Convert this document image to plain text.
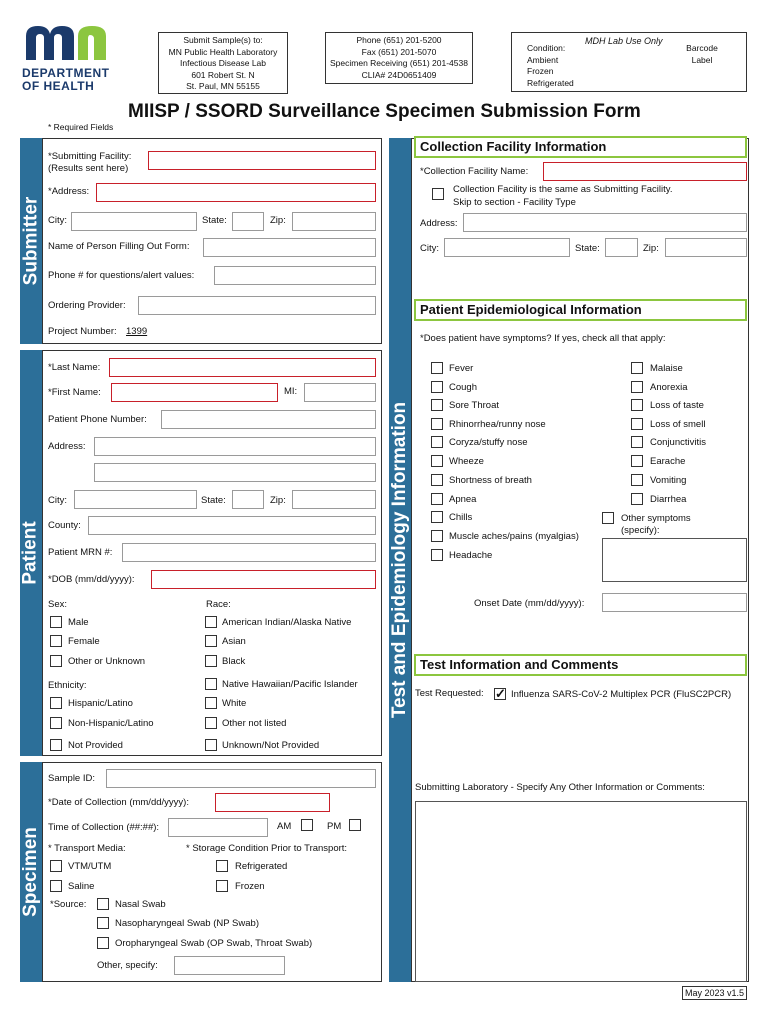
DEPARTMENT
OF HEALTH
Submit Sample(s) to:
MN Public Health Laboratory
Infectious Disease Lab
601 Robert St. N
St. Paul, MN 55155
Phone (651) 201-5200
Fax (651) 201-5070
Specimen Receiving (651) 201-4538
CLIA# 24D0651409
MDH Lab Use Only
Condition:
Ambient
Frozen
Refrigerated
Barcode
Label
MIISP / SSORD Surveillance Specimen Submission Form
* Required Fields
Submitter
*Submitting Facility:
(Results sent here)
*Address:
City:	State:	Zip:
Name of Person Filling Out Form:
Phone # for questions/alert values:
Ordering Provider:
Project Number: 1399
Patient
*Last Name:
*First Name:	MI:
Patient Phone Number:
Address:
City:	State:	Zip:
County:
Patient MRN #:
*DOB (mm/dd/yyyy):
Sex:
Male
Female
Other or Unknown
Race:
American Indian/Alaska Native
Asian
Black
Native Hawaiian/Pacific Islander
White
Other not listed
Unknown/Not Provided
Ethnicity:
Hispanic/Latino
Non-Hispanic/Latino
Not Provided
Specimen
Sample ID:
*Date of Collection (mm/dd/yyyy):
Time of Collection (##:##):	AM	PM
* Transport Media:
VTM/UTM
Saline
* Storage Condition Prior to Transport:
Refrigerated
Frozen
*Source:	Nasal Swab
Nasopharyngeal Swab (NP Swab)
Oropharyngeal Swab (OP Swab, Throat Swab)
Other, specify:
Test and Epidemiology Information
Collection Facility Information
*Collection Facility Name:
Collection Facility is the same as Submitting Facility.
Skip to section - Facility Type
Address:
City:	State:	Zip:
Patient Epidemiological Information
*Does patient have symptoms? If yes, check all that apply:
Fever
Cough
Sore Throat
Rhinorrhea/runny nose
Coryza/stuffy nose
Wheeze
Shortness of breath
Apnea
Chills
Muscle aches/pains (myalgias)
Headache
Malaise
Anorexia
Loss of taste
Loss of smell
Conjunctivitis
Earache
Vomiting
Diarrhea
Other symptoms
(specify):
Onset Date (mm/dd/yyyy):
Test Information and Comments
Test Requested:
✓	Influenza SARS-CoV-2 Multiplex PCR (FluSC2PCR)
Submitting Laboratory - Specify Any Other Information or Comments:
May 2023 v1.5
